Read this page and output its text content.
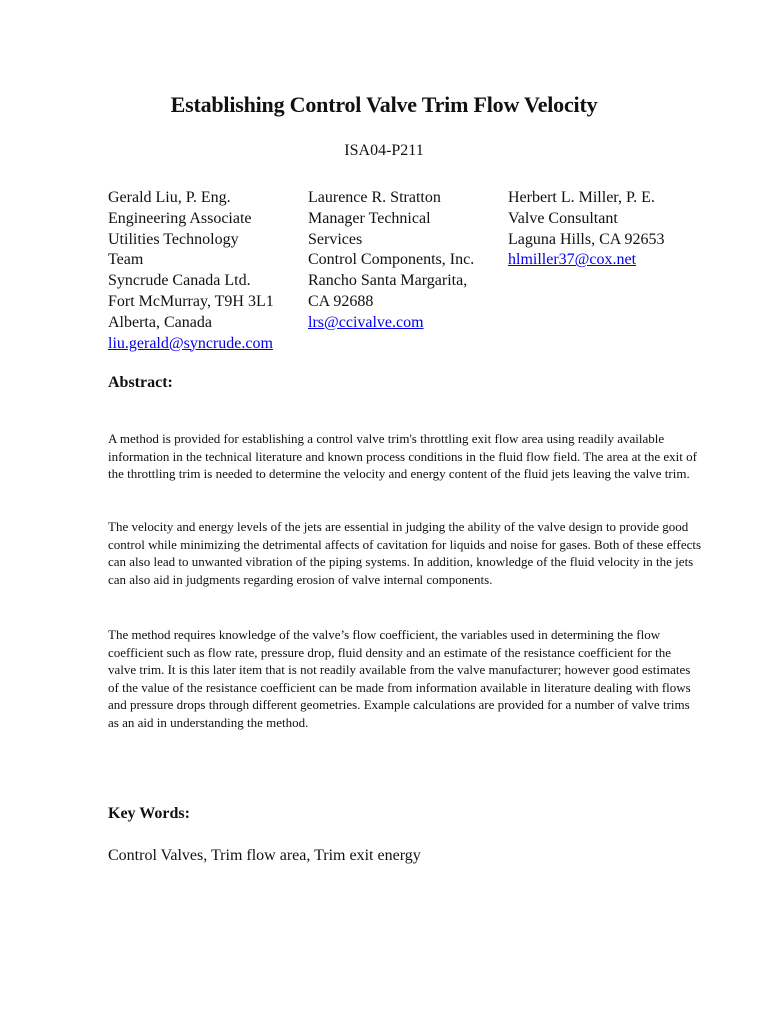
Establishing Control Valve Trim Flow Velocity
ISA04-P211
Gerald Liu, P. Eng.
Engineering Associate
Utilities Technology
Team
Syncrude Canada Ltd.
Fort McMurray, T9H 3L1
Alberta, Canada
liu.gerald@syncrude.com
Laurence R. Stratton
Manager Technical
Services
Control Components, Inc.
Rancho Santa Margarita,
CA 92688
lrs@ccivalve.com
Herbert L. Miller, P. E.
Valve Consultant
Laguna Hills, CA 92653
hlmiller37@cox.net
Abstract:

A method is provided for establishing a control valve trim's throttling exit flow area using readily available information in the technical literature and known process conditions in the fluid flow field. The area at the exit of the throttling trim is needed to determine the velocity and energy content of the fluid jets leaving the valve trim.

The velocity and energy levels of the jets are essential in judging the ability of the valve design to provide good control while minimizing the detrimental affects of cavitation for liquids and noise for gases. Both of these effects can also lead to unwanted vibration of the piping systems. In addition, knowledge of the fluid velocity in the jets can also aid in judgments regarding erosion of valve internal components.

The method requires knowledge of the valve’s flow coefficient, the variables used in determining the flow coefficient such as flow rate, pressure drop, fluid density and an estimate of the resistance coefficient for the valve trim. It is this later item that is not readily available from the valve manufacturer; however good estimates of the value of the resistance coefficient can be made from information available in literature dealing with flows and pressure drops through different geometries. Example calculations are provided for a number of valve trims as an aid in understanding the method.

Key Words:
Control Valves, Trim flow area, Trim exit energy
